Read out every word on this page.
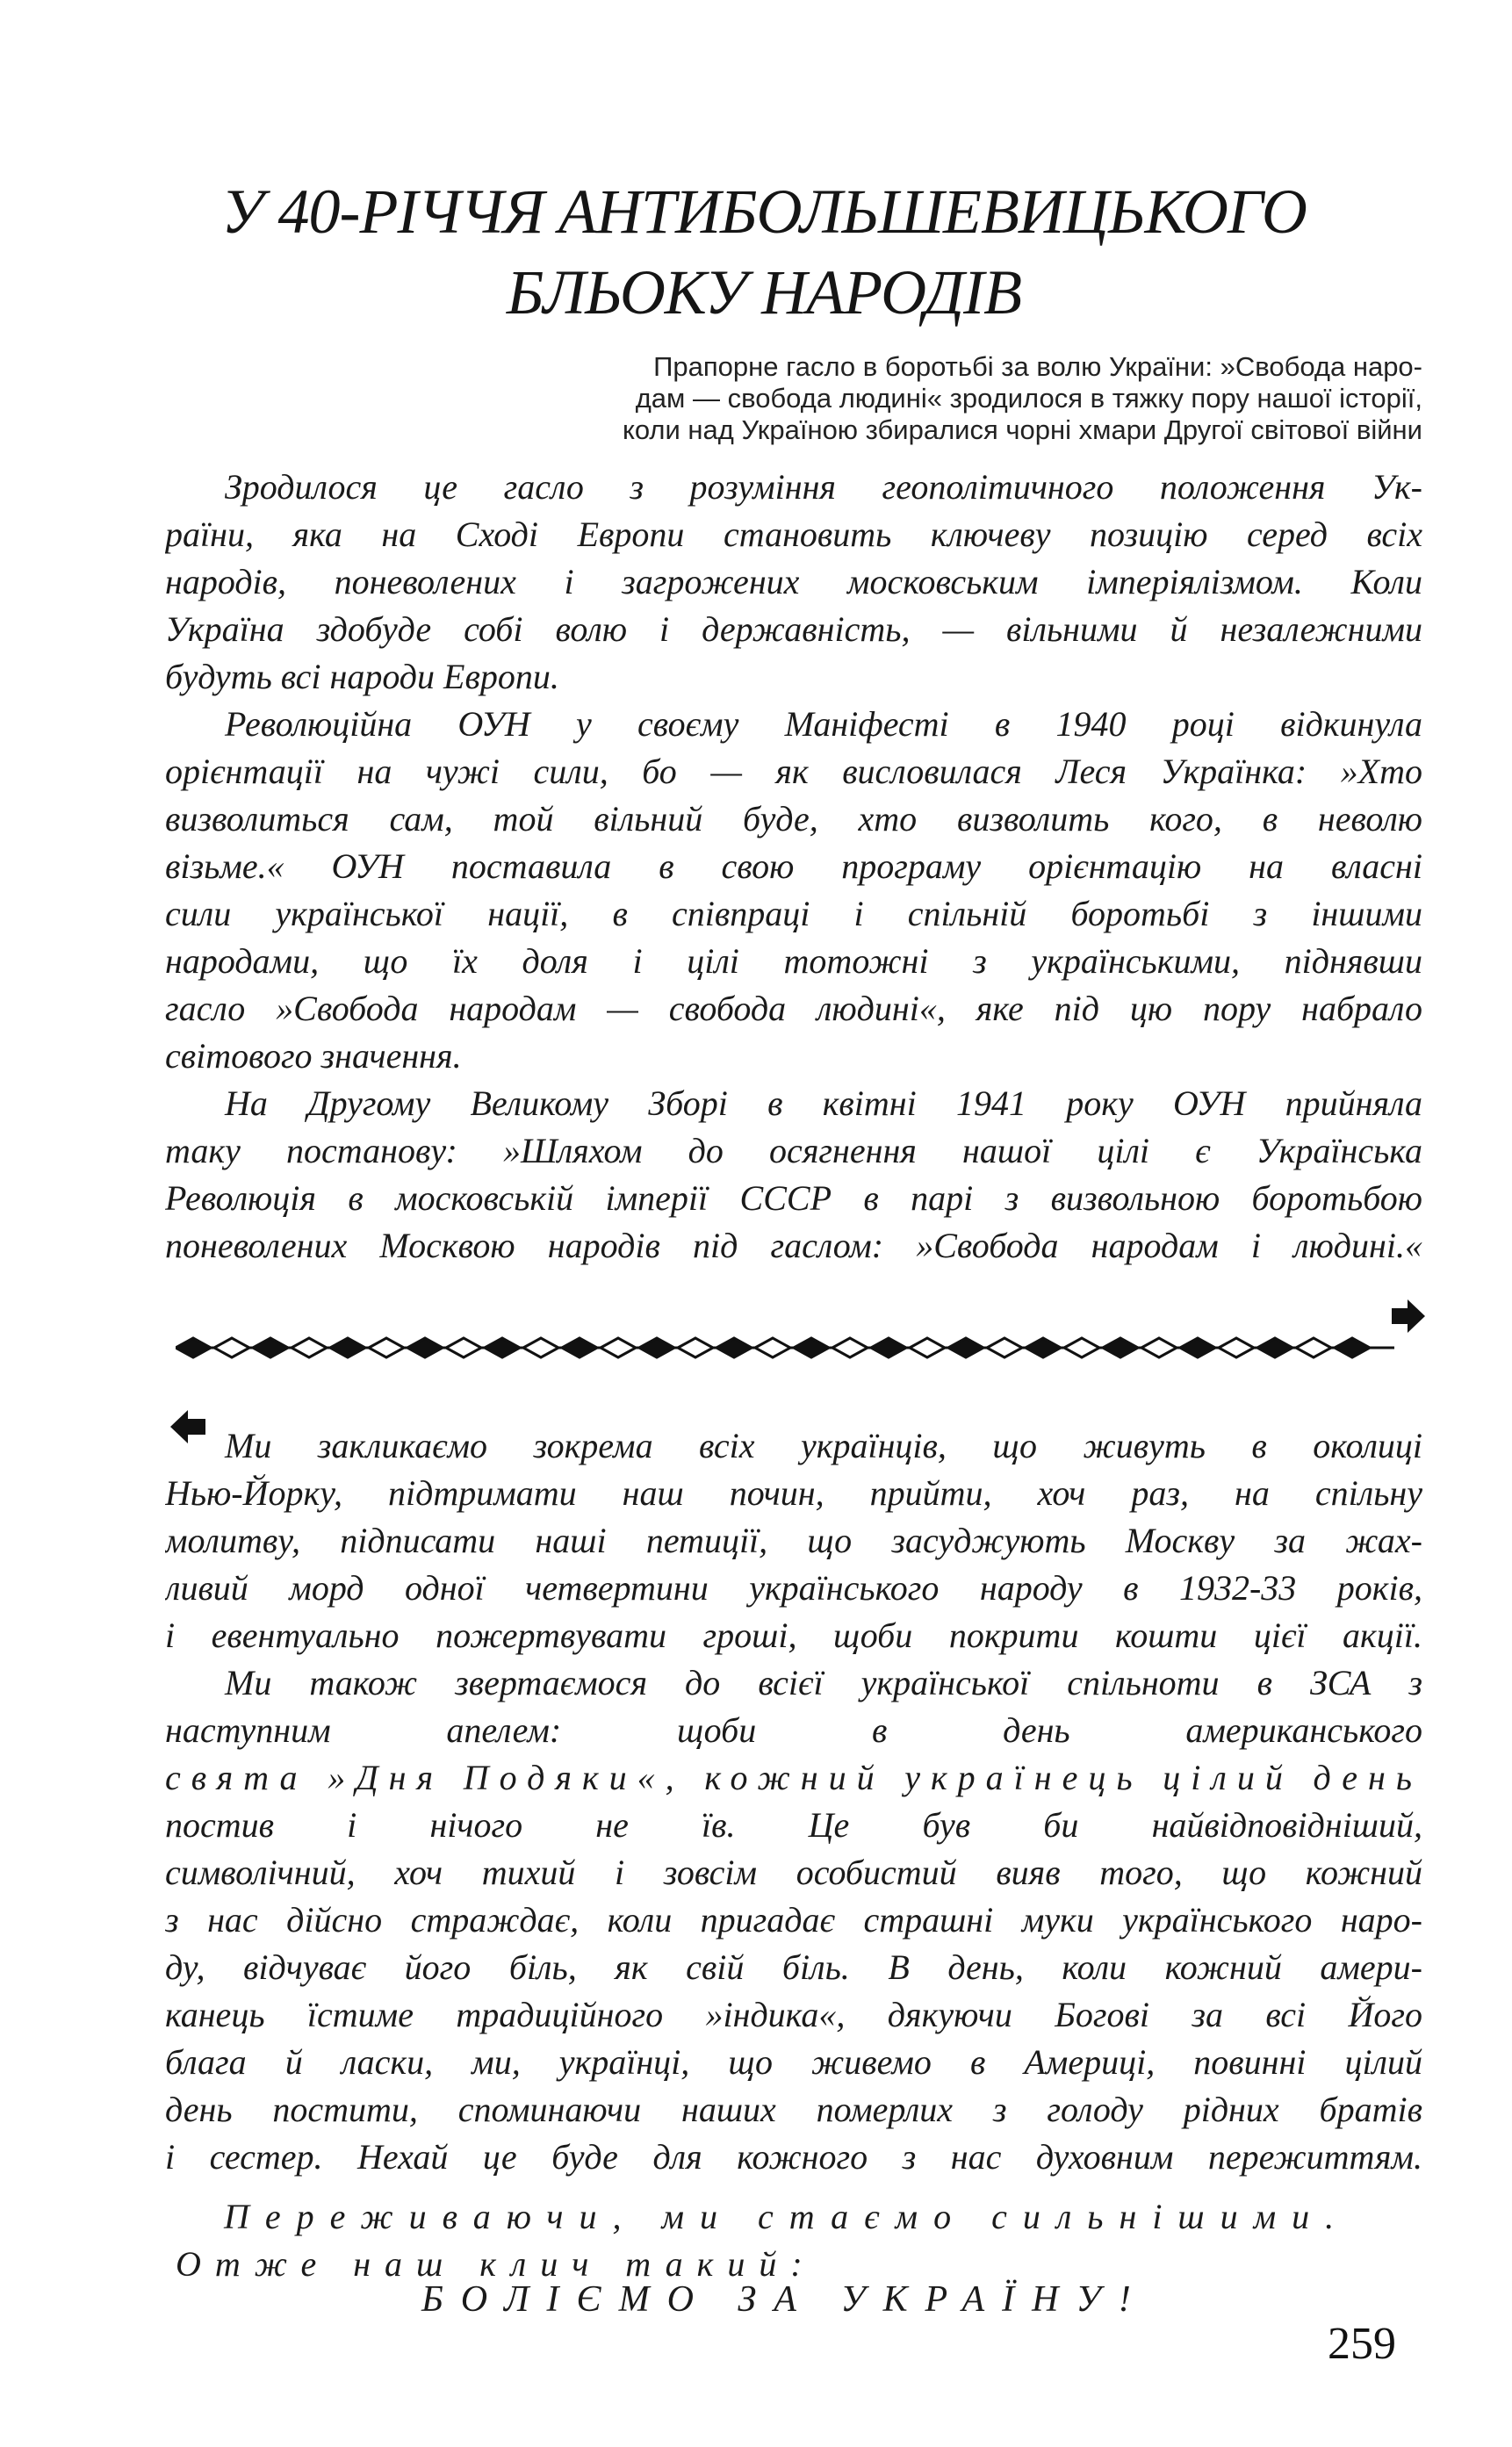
У 40-РІЧЧЯ АНТИБОЛЬШЕВИЦЬКОГО
БЛЬОКУ НАРОДІВ
Прапорне гасло в боротьбі за волю України: »Свобода наро-
дам — свобода людині« зродилося в тяжку пору нашої історії,
коли над Україною збиралися чорні хмари Другої світової війни
Зродилося це гасло з розуміння геополітичного положення Ук-
раїни, яка на Сході Европи становить ключеву позицію серед всіх
народів, поневолених і загрожених московським імперіялізмом. Коли
Україна здобуде собі волю і державність, — вільними й незалежними
будуть всі народи Европи.
Революційна ОУН у своєму Маніфесті в 1940 році відкинула
орієнтації на чужі сили, бо — як висловилася Леся Українка: »Хто
визволиться сам, той вільний буде, хто визволить кого, в неволю
візьме.« ОУН поставила в свою програму орієнтацію на власні
сили української нації, в співпраці і спільній боротьбі з іншими
народами, що їх доля і цілі тотожні з українськими, піднявши
гасло »Свобода народам — свобода людині«, яке під цю пору набрало
світового значення.
На Другому Великому Зборі в квітні 1941 року ОУН прийняла
таку постанову: »Шляхом до осягнення нашої цілі є Українська
Революція в московській імперії СССР в парі з визвольною боротьбою
поневолених Москвою народів під гаслом: »Свобода народам і людині.«
Ми закликаємо зокрема всіх українців, що живуть в околиці
Нью-Йорку, підтримати наш почин, прийти, хоч раз, на спільну
молитву, підписати наші петиції, що засуджують Москву за жах-
ливий морд одної четвертини українського народу в 1932-33 років,
і евентуально пожертвувати гроші, щоби покрити кошти цієї акції.
Ми також звертаємося до всієї української спільноти в ЗСА з
наступним апелем: щоби в день американського
свята »Дня Подяки«, кожний українець цілий день
постив і нічого не їв. Це був би найвідповідніший,
символічний, хоч тихий і зовсім особистий вияв того, що кожний
з нас дійсно страждає, коли пригадає страшні муки українського наро-
ду, відчуває його біль, як свій біль. В день, коли кожний амери-
канець їстиме традиційного »індика«, дякуючи Богові за всі Його
блага й ласки, ми, українці, що живемо в Америці, повинні цілий
день постити, споминаючи наших померлих з голоду рідних братів
і сестер. Нехай це буде для кожного з нас духовним пережиттям.
Переживаючи, ми стаємо сильнішими.
Отже наш клич такий:
БОЛІЄМО ЗА УКРАЇНУ!
259
